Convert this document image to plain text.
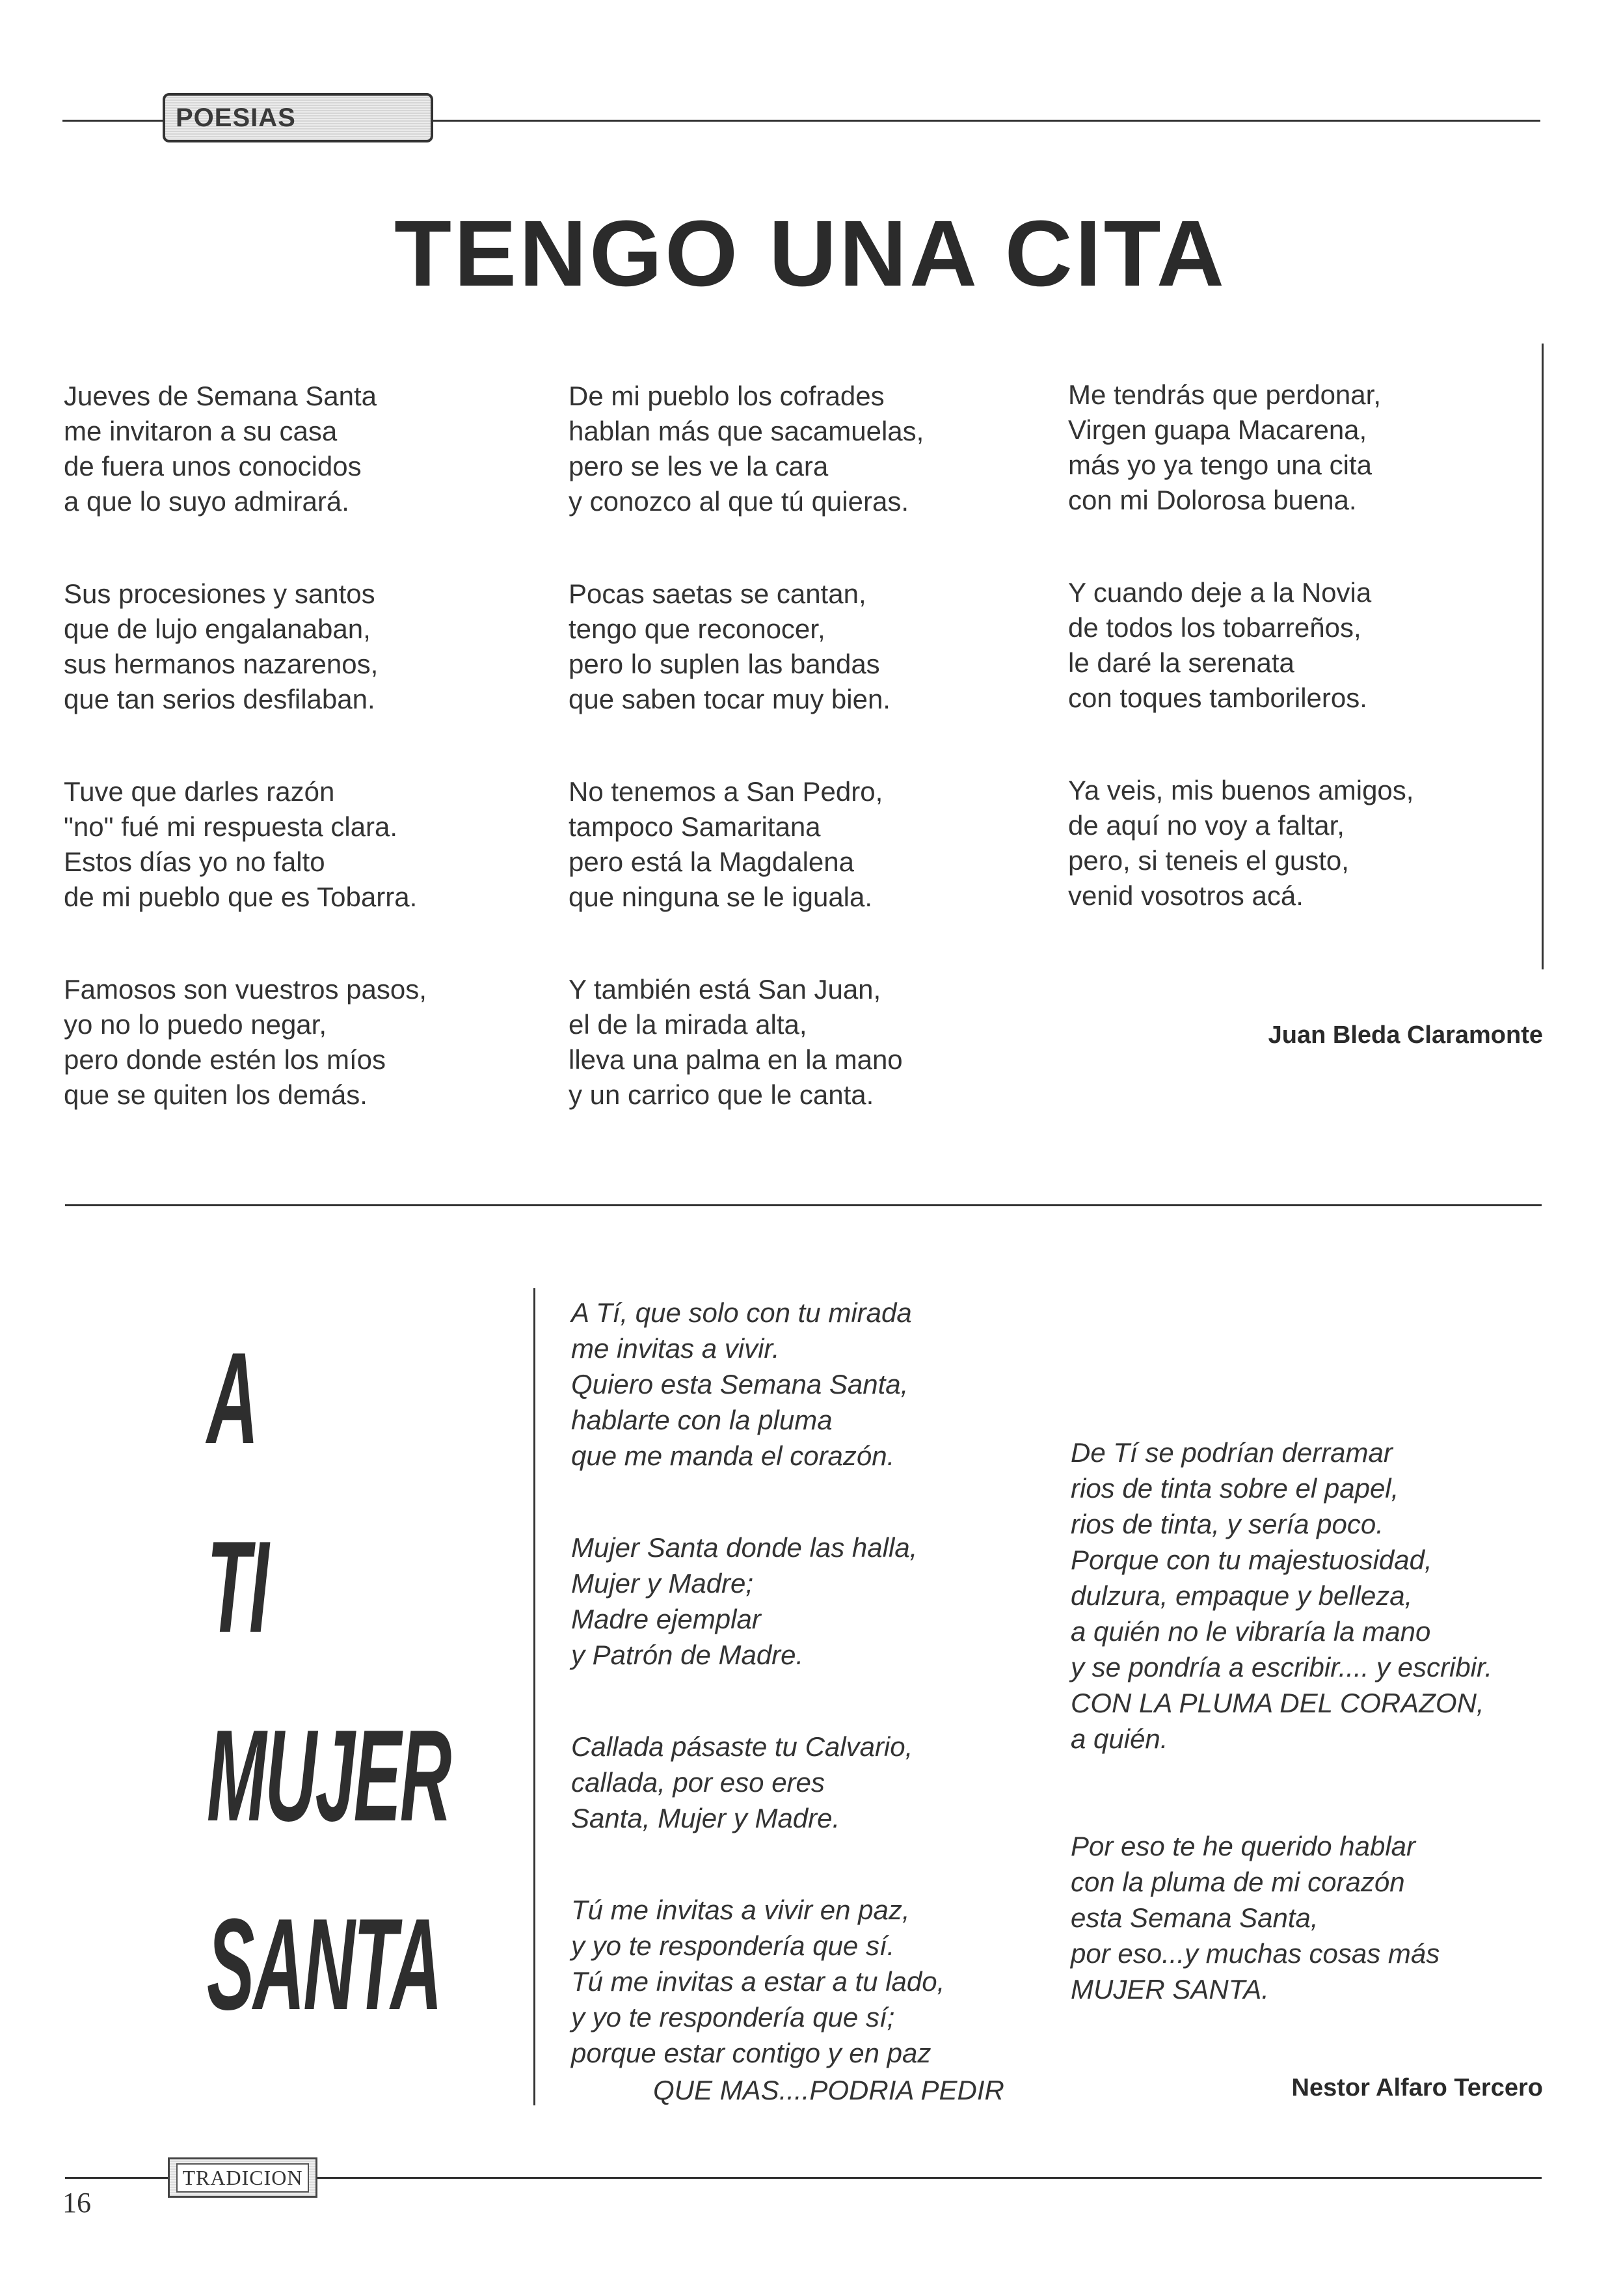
POESIAS
TENGO UNA CITA
Jueves de Semana Santa
me invitaron a su casa
de fuera unos conocidos
a que lo suyo admirará.
Sus procesiones y santos
que de lujo engalanaban,
sus hermanos nazarenos,
que tan serios desfilaban.
Tuve que darles razón
"no" fué mi respuesta clara.
Estos días yo no falto
de mi pueblo que es Tobarra.
Famosos son vuestros pasos,
yo no lo puedo negar,
pero donde estén los míos
que se quiten los demás.
De mi pueblo los cofrades
hablan más que sacamuelas,
pero se les ve la cara
y conozco al que tú quieras.
Pocas saetas se cantan,
tengo que reconocer,
pero lo suplen las bandas
que saben tocar muy bien.
No tenemos a San Pedro,
tampoco Samaritana
pero está la Magdalena
que ninguna se le iguala.
Y también está San Juan,
el de la mirada alta,
lleva una palma en la mano
y un carrico que le canta.
Me tendrás que perdonar,
Virgen guapa Macarena,
más yo ya tengo una cita
con mi Dolorosa buena.
Y cuando deje a la Novia
de todos los tobarreños,
le daré la serenata
con toques tamborileros.
Ya veis, mis buenos amigos,
de aquí no voy a faltar,
pero, si teneis el gusto,
venid vosotros acá.
Juan Bleda Claramonte
A
TI
MUJER
SANTA
A Tí, que solo con tu mirada
me invitas a vivir.
Quiero esta Semana Santa,
hablarte con la pluma
que me manda el corazón.
Mujer Santa donde las halla,
Mujer y Madre;
Madre ejemplar
y Patrón de Madre.
Callada pásaste tu Calvario,
callada, por eso eres
Santa, Mujer y Madre.
Tú me invitas a vivir en paz,
y yo te respondería que sí.
Tú me invitas a estar a tu lado,
y yo te respondería que sí;
porque estar contigo y en paz
QUE MAS....PODRIA PEDIR
De Tí se podrían derramar
rios de tinta sobre el papel,
rios de tinta, y sería poco.
Porque con tu majestuosidad,
dulzura, empaque y belleza,
a quién no le vibraría la mano
y se pondría a escribir.... y escribir.
CON LA PLUMA DEL CORAZON,
a quién.
Por eso te he querido hablar
con la pluma de mi corazón
esta Semana Santa,
por eso...y muchas cosas más
MUJER SANTA.
Nestor Alfaro Tercero
16
TRADICION
